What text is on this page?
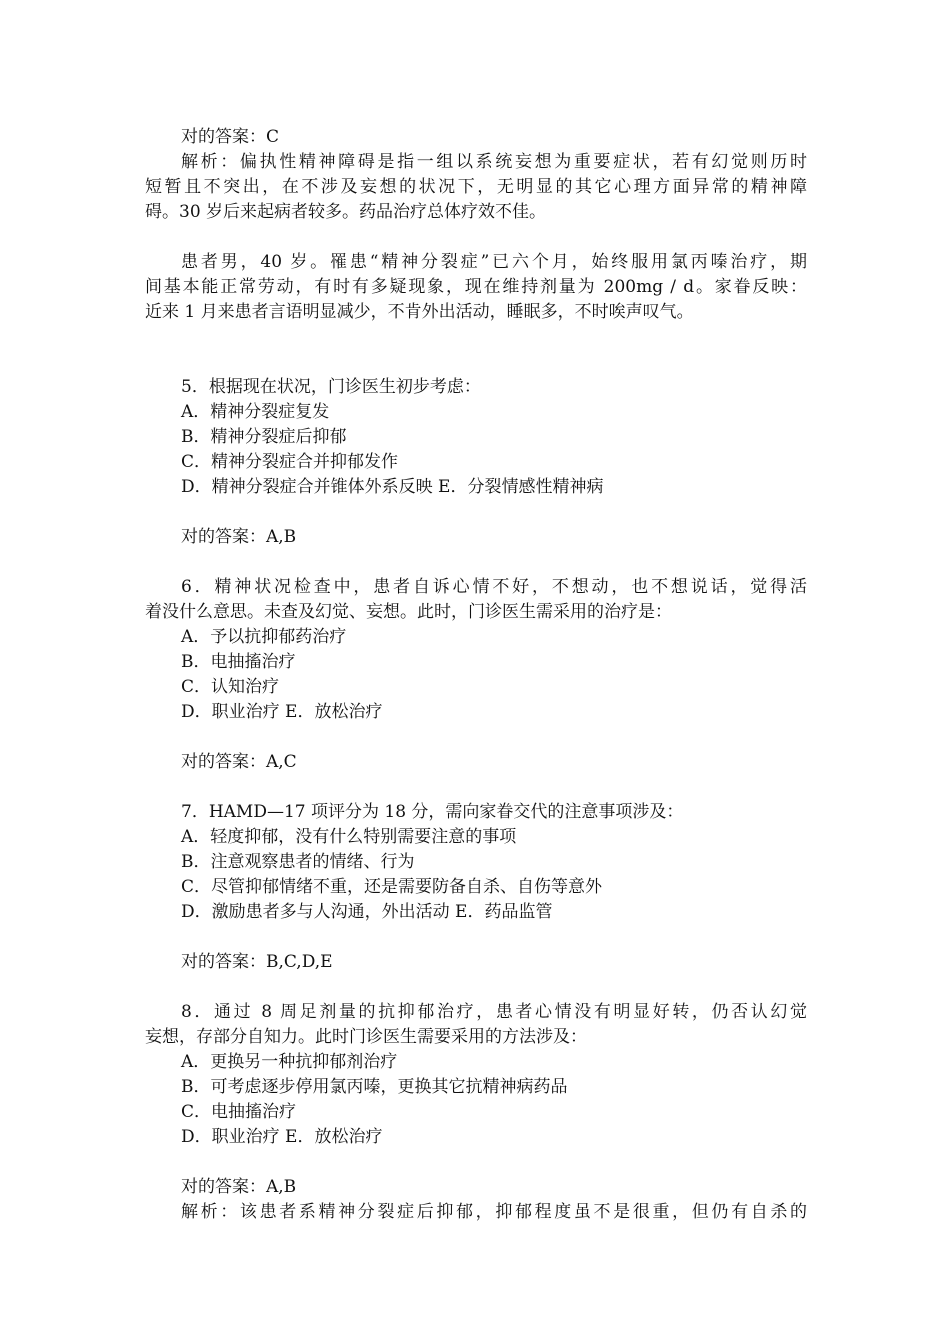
对的答案：C
解析：偏执性精神障碍是指一组以系统妄想为重要症状，若有幻觉则历时
短暂且不突出，在不涉及妄想的状况下，无明显的其它心理方面异常的精神障
碍。30 岁后来起病者较多。药品治疗总体疗效不佳。
患者男，40 岁。罹患“精神分裂症”已六个月，始终服用氯丙嗪治疗，期
间基本能正常劳动，有时有多疑现象，现在维持剂量为 200mg / d。家眷反映：
近来 1 月来患者言语明显减少，不肯外出活动，睡眠多，不时唉声叹气。
5．根据现在状况，门诊医生初步考虑：
A．精神分裂症复发
B．精神分裂症后抑郁
C．精神分裂症合并抑郁发作
D．精神分裂症合并锥体外系反映 E．分裂情感性精神病
对的答案：A,B
6．精神状况检查中，患者自诉心情不好，不想动，也不想说话，觉得活
着没什么意思。未查及幻觉、妄想。此时，门诊医生需采用的治疗是：
A．予以抗抑郁药治疗
B．电抽搐治疗
C．认知治疗
D．职业治疗 E．放松治疗
对的答案：A,C
7．HAMD—17 项评分为 18 分，需向家眷交代的注意事项涉及：
A．轻度抑郁，没有什么特别需要注意的事项
B．注意观察患者的情绪、行为
C．尽管抑郁情绪不重，还是需要防备自杀、自伤等意外
D．激励患者多与人沟通，外出活动 E．药品监管
对的答案：B,C,D,E
8．通过 8 周足剂量的抗抑郁治疗，患者心情没有明显好转，仍否认幻觉
妄想，存部分自知力。此时门诊医生需要采用的方法涉及：
A．更换另一种抗抑郁剂治疗
B．可考虑逐步停用氯丙嗪，更换其它抗精神病药品
C．电抽搐治疗
D．职业治疗 E．放松治疗
对的答案：A,B
解析：该患者系精神分裂症后抑郁，抑郁程度虽不是很重，但仍有自杀的
